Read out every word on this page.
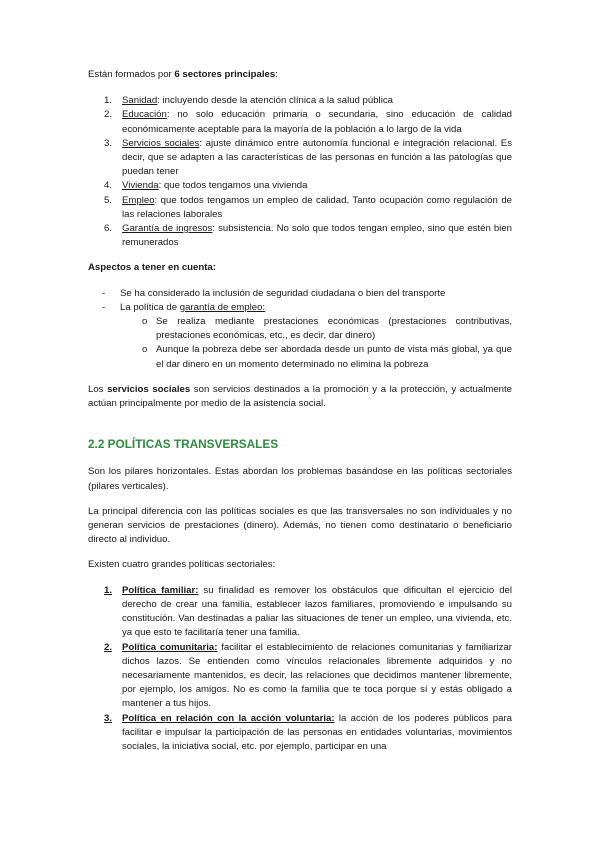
Están formados por 6 sectores principales:

1. Sanidad: incluyendo desde la atención clínica a la salud pública
2. Educación: no solo educación primaria o secundaria, sino educación de calidad económicamente aceptable para la mayoría de la población a lo largo de la vida
3. Servicios sociales: ajuste dinámico entre autonomía funcional e integración relacional. Es decir, que se adapten a las características de las personas en función a las patologías que puedan tener
4. Vivienda: que todos tengamos una vivienda
5. Empleo: que todos tengamos un empleo de calidad. Tanto ocupación como regulación de las relaciones laborales
6. Garantía de ingresos: subsistencia. No solo que todos tengan empleo, sino que estén bien remunerados

Aspectos a tener en cuenta:

- Se ha considerado la inclusión de seguridad ciudadana o bien del transporte
- La política de garantía de empleo:
o Se realiza mediante prestaciones económicas (prestaciones contributivas, prestaciones económicas, etc., es decir, dar dinero)
o Aunque la pobreza debe ser abordada desde un punto de vista más global, ya que el dar dinero en un momento determinado no elimina la pobreza

Los servicios sociales son servicios destinados a la promoción y a la protección, y actualmente actúan principalmente por medio de la asistencia social.

2.2 POLÍTICAS TRANSVERSALES

Son los pilares horizontales. Estas abordan los problemas basándose en las políticas sectoriales (pilares verticales).

La principal diferencia con las políticas sociales es que las transversales no son individuales y no generan servicios de prestaciones (dinero). Además, no tienen como destinatario o beneficiario directo al individuo.

Existen cuatro grandes políticas sectoriales:

1. Política familiar: su finalidad es remover los obstáculos que dificultan el ejercicio del derecho de crear una familia, establecer lazos familiares, promoviendo e impulsando su constitución. Van destinadas a paliar las situaciones de tener un empleo, una vivienda, etc. ya que esto te facilitaría tener una familia.
2. Política comunitaria: facilitar el establecimiento de relaciones comunitarias y familiarizar dichos lazos. Se entienden como vínculos relacionales libremente adquiridos y no necesariamente mantenidos, es decir, las relaciones que decidimos mantener libremente, por ejemplo, los amigos. No es como la familia que te toca porque sí y estás obligado a mantener a tus hijos.
3. Política en relación con la acción voluntaria: la acción de los poderes públicos para facilitar e impulsar la participación de las personas en entidades voluntarias, movimientos sociales, la iniciativa social, etc. por ejemplo, participar en una
